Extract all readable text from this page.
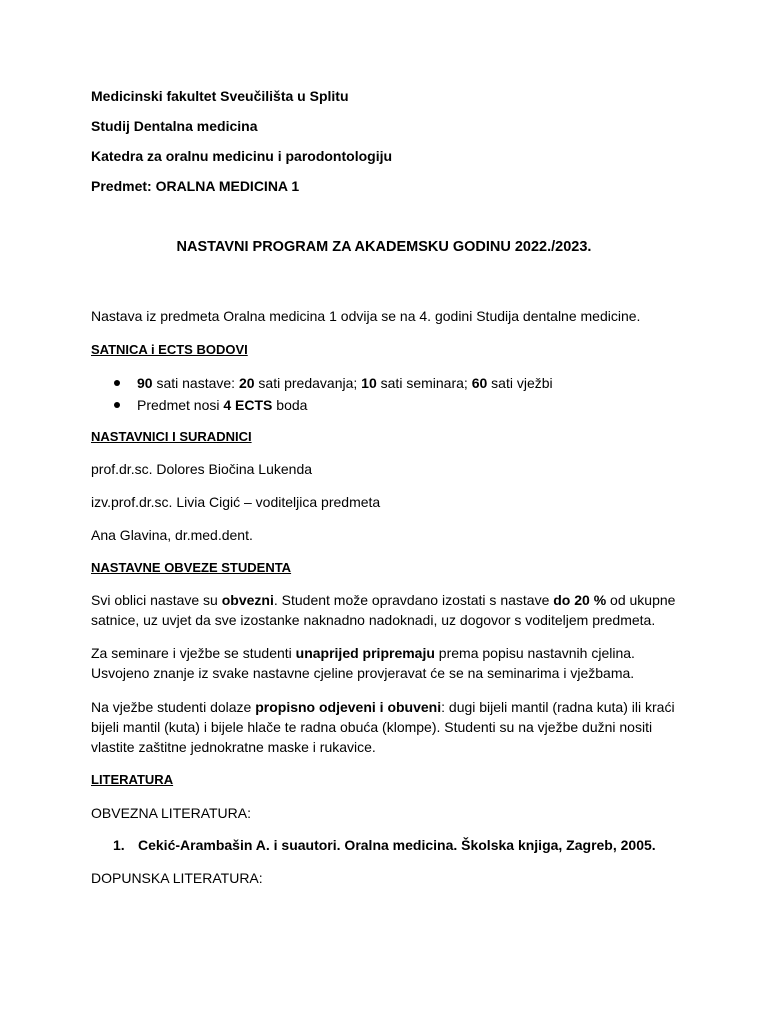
Medicinski fakultet Sveučilišta u Splitu
Studij Dentalna medicina
Katedra za oralnu medicinu i parodontologiju
Predmet: ORALNA MEDICINA 1
NASTAVNI PROGRAM ZA AKADEMSKU GODINU 2022./2023.
Nastava iz predmeta Oralna medicina 1 odvija se na 4. godini Studija dentalne medicine.
SATNICA i ECTS BODOVI
90 sati nastave: 20 sati predavanja; 10 sati seminara; 60 sati vježbi
Predmet nosi 4 ECTS boda
NASTAVNICI I SURADNICI
prof.dr.sc. Dolores Biočina Lukenda
izv.prof.dr.sc. Livia Cigić – voditeljica predmeta
Ana Glavina, dr.med.dent.
NASTAVNE OBVEZE STUDENTA
Svi oblici nastave su obvezni. Student može opravdano izostati s nastave do 20 % od ukupne
satnice, uz uvjet da sve izostanke naknadno nadoknadi, uz dogovor s voditeljem predmeta.
Za seminare i vježbe se studenti unaprijed pripremaju prema popisu nastavnih cjelina.
Usvojeno znanje iz svake nastavne cjeline provjeravat će se na seminarima i vježbama.
Na vježbe studenti dolaze propisno odjeveni i obuveni: dugi bijeli mantil (radna kuta) ili kraći
bijeli mantil (kuta) i bijele hlače te radna obuća (klompe). Studenti su na vježbe dužni nositi
vlastite zaštitne jednokratne maske i rukavice.
LITERATURA
OBVEZNA LITERATURA:
1. Cekić-Arambašin A. i suautori. Oralna medicina. Školska knjiga, Zagreb, 2005.
DOPUNSKA LITERATURA:
